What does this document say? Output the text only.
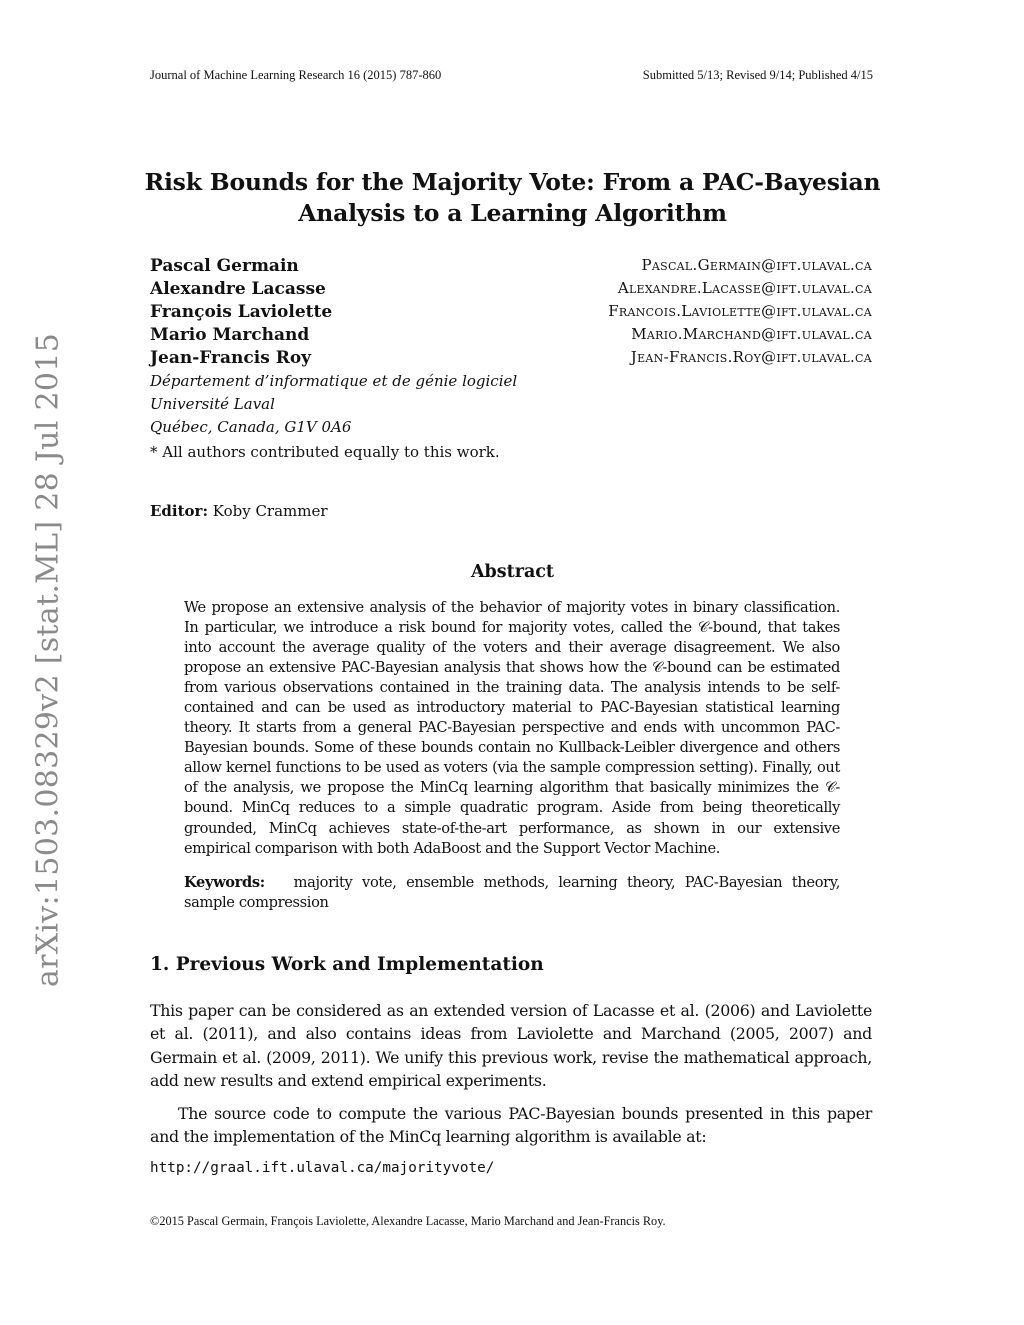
arXiv:1503.08329v2 [stat.ML] 28 Jul 2015
Journal of Machine Learning Research 16 (2015) 787-860	Submitted 5/13; Revised 9/14; Published 4/15
Risk Bounds for the Majority Vote: From a PAC-Bayesian
Analysis to a Learning Algorithm
Pascal Germain	Pascal.Germain@ift.ulaval.ca
Alexandre Lacasse	Alexandre.Lacasse@ift.ulaval.ca
François Laviolette	Francois.Laviolette@ift.ulaval.ca
Mario Marchand	Mario.Marchand@ift.ulaval.ca
Jean-Francis Roy	Jean-Francis.Roy@ift.ulaval.ca
Département d’informatique et de génie logiciel
Université Laval
Québec, Canada, G1V 0A6
* All authors contributed equally to this work.
Editor: Koby Crammer
Abstract
We propose an extensive analysis of the behavior of majority votes in binary classification. In particular, we introduce a risk bound for majority votes, called the 𝒞-bound, that takes into account the average quality of the voters and their average disagreement. We also propose an extensive PAC-Bayesian analysis that shows how the 𝒞-bound can be estimated from various observations contained in the training data. The analysis intends to be self-contained and can be used as introductory material to PAC-Bayesian statistical learning theory. It starts from a general PAC-Bayesian perspective and ends with uncommon PAC-Bayesian bounds. Some of these bounds contain no Kullback-Leibler divergence and others allow kernel functions to be used as voters (via the sample compression setting). Finally, out of the analysis, we propose the MinCq learning algorithm that basically minimizes the 𝒞-bound. MinCq reduces to a simple quadratic program. Aside from being theoretically grounded, MinCq achieves state-of-the-art performance, as shown in our extensive empirical comparison with both AdaBoost and the Support Vector Machine.
Keywords: majority vote, ensemble methods, learning theory, PAC-Bayesian theory, sample compression
1. Previous Work and Implementation
This paper can be considered as an extended version of Lacasse et al. (2006) and Laviolette et al. (2011), and also contains ideas from Laviolette and Marchand (2005, 2007) and Germain et al. (2009, 2011). We unify this previous work, revise the mathematical approach, add new results and extend empirical experiments.
The source code to compute the various PAC-Bayesian bounds presented in this paper and the implementation of the MinCq learning algorithm is available at:
http://graal.ift.ulaval.ca/majorityvote/
©2015 Pascal Germain, François Laviolette, Alexandre Lacasse, Mario Marchand and Jean-Francis Roy.
